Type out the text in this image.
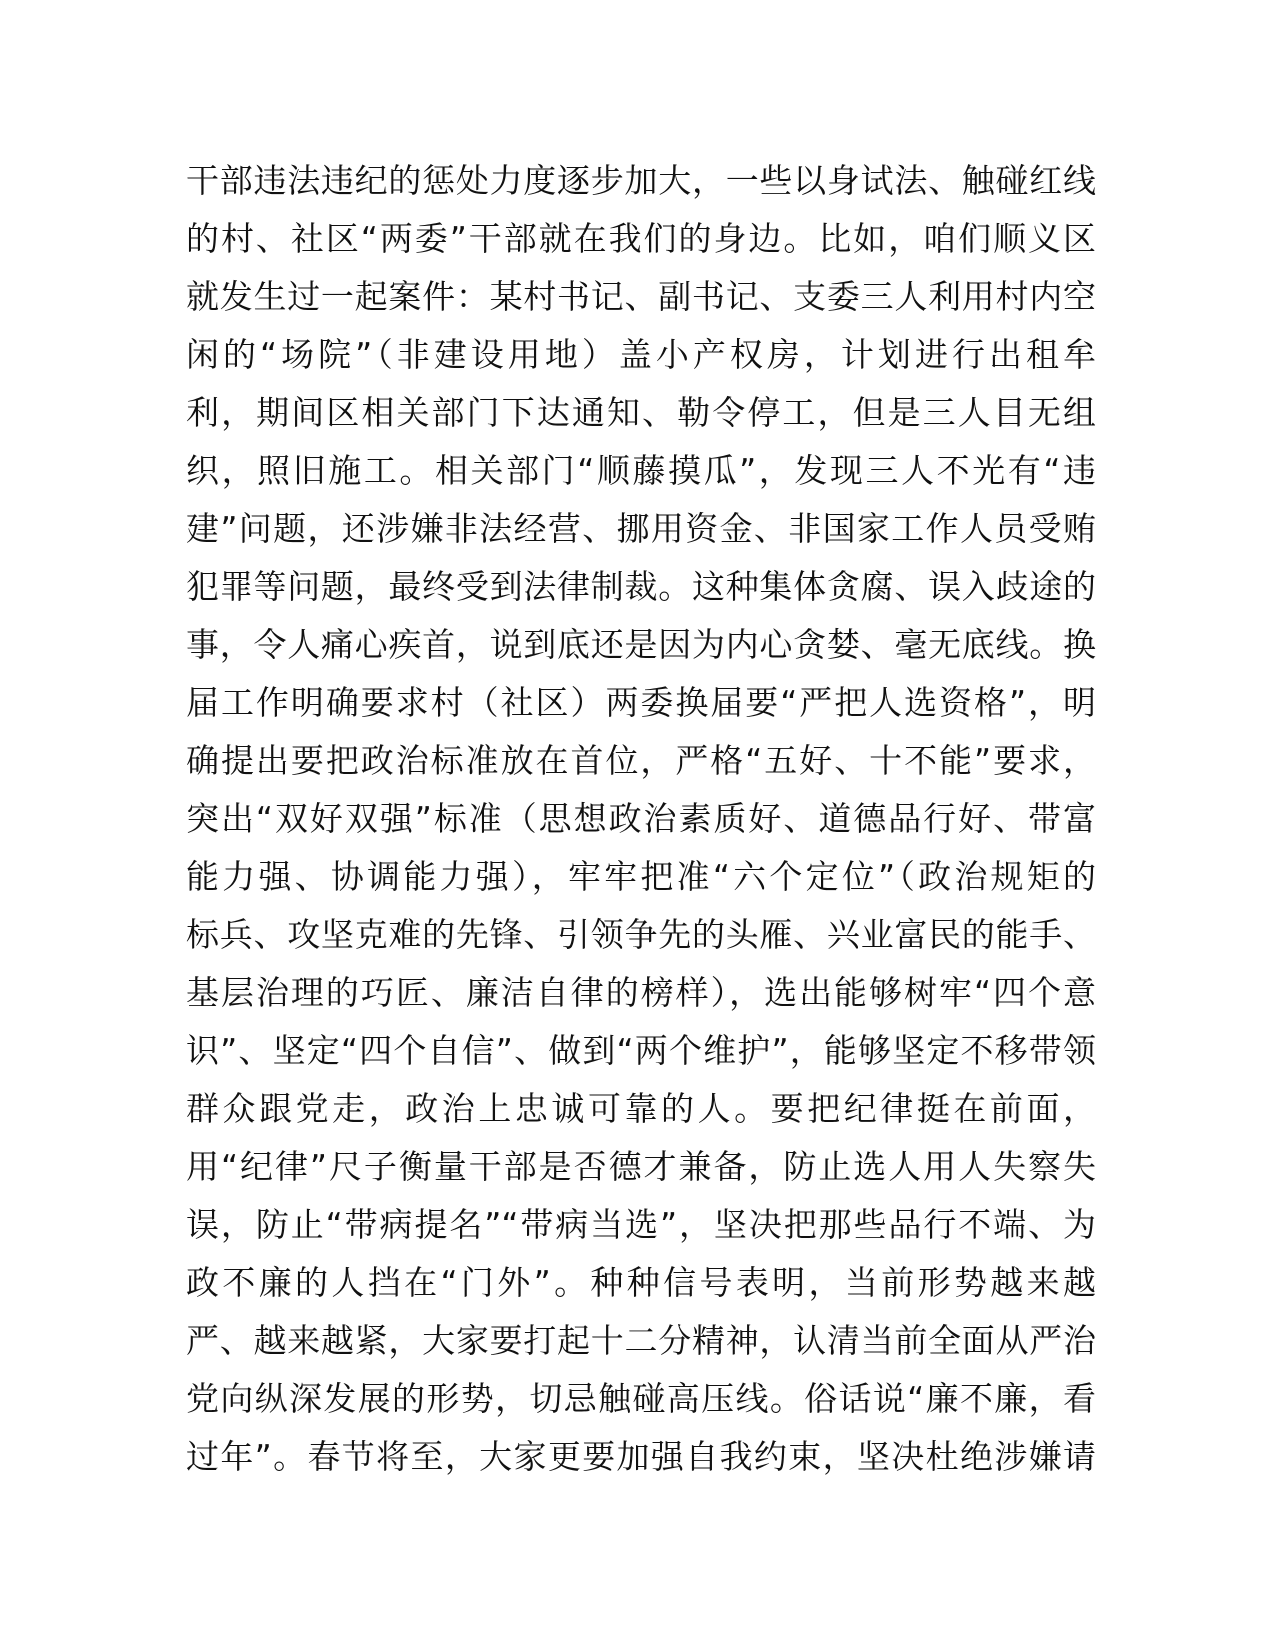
干部违法违纪的惩处力度逐步加大，一些以身试法、触碰红线
的村、社区“两委”干部就在我们的身边。比如，咱们顺义区
就发生过一起案件：某村书记、副书记、支委三人利用村内空
闲的“场院”（非建设用地）盖小产权房，计划进行出租牟
利，期间区相关部门下达通知、勒令停工，但是三人目无组
织，照旧施工。相关部门“顺藤摸瓜”，发现三人不光有“违
建”问题，还涉嫌非法经营、挪用资金、非国家工作人员受贿
犯罪等问题，最终受到法律制裁。这种集体贪腐、误入歧途的
事，令人痛心疾首，说到底还是因为内心贪婪、毫无底线。换
届工作明确要求村（社区）两委换届要“严把人选资格”，明
确提出要把政治标准放在首位，严格“五好、十不能”要求，
突出“双好双强”标准（思想政治素质好、道德品行好、带富
能力强、协调能力强），牢牢把准“六个定位”（政治规矩的
标兵、攻坚克难的先锋、引领争先的头雁、兴业富民的能手、
基层治理的巧匠、廉洁自律的榜样），选出能够树牢“四个意
识”、坚定“四个自信”、做到“两个维护”，能够坚定不移带领
群众跟党走，政治上忠诚可靠的人。要把纪律挺在前面，
用“纪律”尺子衡量干部是否德才兼备，防止选人用人失察失
误，防止“带病提名”“带病当选”，坚决把那些品行不端、为
政不廉的人挡在“门外”。种种信号表明，当前形势越来越
严、越来越紧，大家要打起十二分精神，认清当前全面从严治
党向纵深发展的形势，切忌触碰高压线。俗话说“廉不廉，看
过年”。春节将至，大家更要加强自我约束，坚决杜绝涉嫌请
